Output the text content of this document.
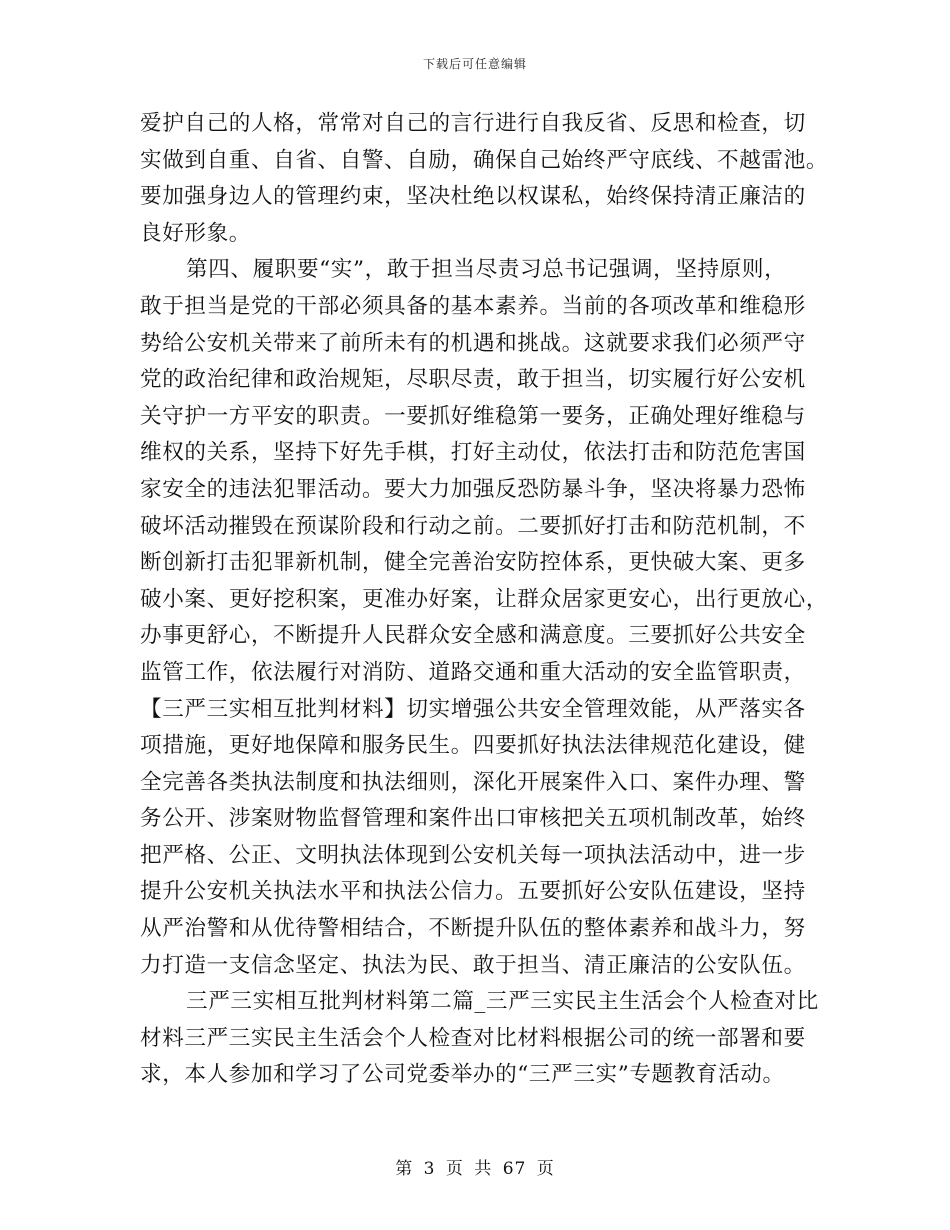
下载后可任意编辑

爱护自己的人格，常常对自己的言行进行自我反省、反思和检查，切
实做到自重、自省、自警、自励，确保自己始终严守底线、不越雷池。
要加强身边人的管理约束，坚决杜绝以权谋私，始终保持清正廉洁的
良好形象。

第四、履职要“实”，敢于担当尽责习总书记强调，坚持原则，
敢于担当是党的干部必须具备的基本素养。当前的各项改革和维稳形
势给公安机关带来了前所未有的机遇和挑战。这就要求我们必须严守
党的政治纪律和政治规矩，尽职尽责，敢于担当，切实履行好公安机
关守护一方平安的职责。一要抓好维稳第一要务，正确处理好维稳与
维权的关系，坚持下好先手棋，打好主动仗，依法打击和防范危害国
家安全的违法犯罪活动。要大力加强反恐防暴斗争，坚决将暴力恐怖
破坏活动摧毁在预谋阶段和行动之前。二要抓好打击和防范机制，不
断创新打击犯罪新机制，健全完善治安防控体系，更快破大案、更多
破小案、更好挖积案，更准办好案，让群众居家更安心，出行更放心，
办事更舒心，不断提升人民群众安全感和满意度。三要抓好公共安全
监管工作，依法履行对消防、道路交通和重大活动的安全监管职责，
【三严三实相互批判材料】切实增强公共安全管理效能，从严落实各
项措施，更好地保障和服务民生。四要抓好执法法律规范化建设，健
全完善各类执法制度和执法细则，深化开展案件入口、案件办理、警
务公开、涉案财物监督管理和案件出口审核把关五项机制改革，始终
把严格、公正、文明执法体现到公安机关每一项执法活动中，进一步
提升公安机关执法水平和执法公信力。五要抓好公安队伍建设，坚持
从严治警和从优待警相结合，不断提升队伍的整体素养和战斗力，努
力打造一支信念坚定、执法为民、敢于担当、清正廉洁的公安队伍。

三严三实相互批判材料第二篇_三严三实民主生活会个人检查对比
材料三严三实民主生活会个人检查对比材料根据公司的统一部署和要
求，本人参加和学习了公司党委举办的“三严三实”专题教育活动。

第 3 页 共 67 页
